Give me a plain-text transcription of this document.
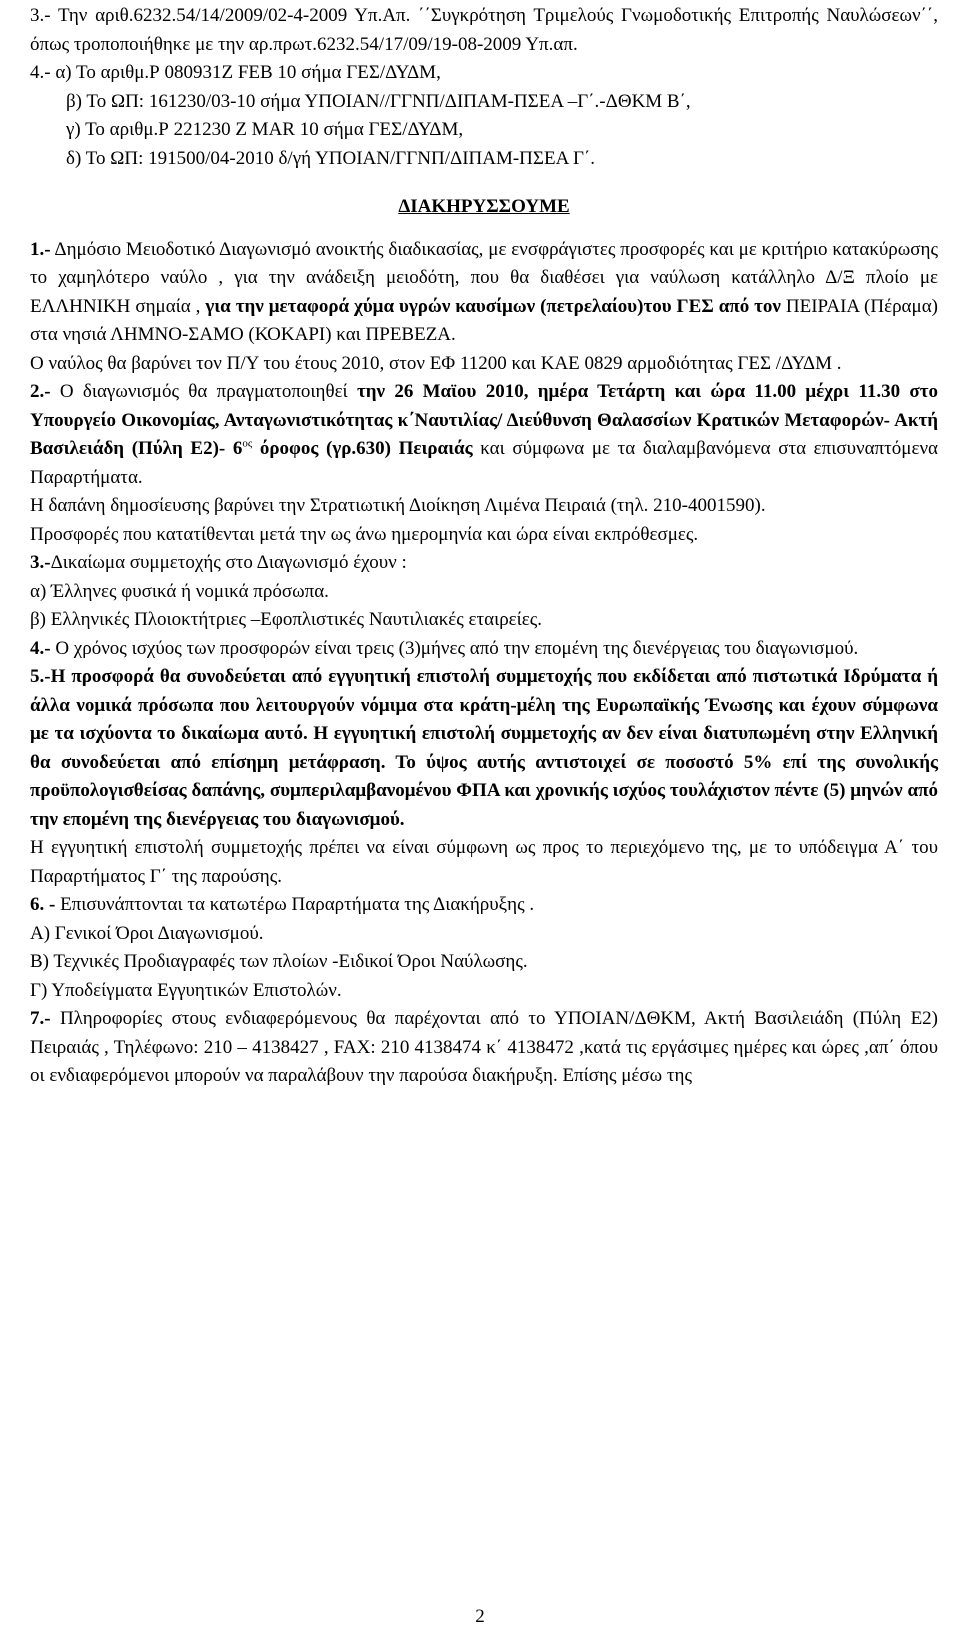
3.- Την αριθ.6232.54/14/2009/02-4-2009 Υπ.Απ. ΄΄Συγκρότηση Τριμελούς Γνωμοδοτικής Επιτροπής Ναυλώσεων΄΄, όπως τροποποιήθηκε με την αρ.πρωτ.6232.54/17/09/19-08-2009 Υπ.απ.

4.- α) Το αριθμ.Ρ 080931Ζ FEB 10 σήμα ΓΕΣ/ΔΥΔΜ,

β) Το ΩΠ: 161230/03-10 σήμα ΥΠΟΙΑΝ//ΓΓΝΠ/ΔΙΠΑΜ-ΠΣΕΑ –Γ΄.-ΔΘΚΜ Β΄,

γ) Το αριθμ.Ρ 221230 Ζ MAR 10 σήμα ΓΕΣ/ΔΥΔΜ,

δ) Το ΩΠ: 191500/04-2010 δ/γή ΥΠΟΙΑΝ/ΓΓΝΠ/ΔΙΠΑΜ-ΠΣΕΑ Γ΄.

ΔΙΑΚΗΡΥΣΣΟΥΜΕ

1.- Δημόσιο Μειοδοτικό Διαγωνισμό ανοικτής διαδικασίας, με ενσφράγιστες προσφορές και με κριτήριο κατακύρωσης το χαμηλότερο ναύλο , για την ανάδειξη μειοδότη, που θα διαθέσει για ναύλωση κατάλληλο Δ/Ξ πλοίο με ΕΛΛΗΝΙΚΗ σημαία , για την μεταφορά χύμα υγρών καυσίμων (πετρελαίου)του ΓΕΣ από τον ΠΕΙΡΑΙΑ (Πέραμα) στα νησιά ΛΗΜΝΟ-ΣΑΜΟ (ΚΟΚΑΡΙ) και ΠΡΕΒΕΖΑ.

Ο ναύλος θα βαρύνει τον Π/Υ του έτους 2010, στον ΕΦ 11200 και ΚΑΕ 0829 αρμοδιότητας ΓΕΣ /ΔΥΔΜ .

2.- Ο διαγωνισμός θα πραγματοποιηθεί την 26 Μαϊου 2010, ημέρα Τετάρτη και ώρα 11.00 μέχρι 11.30 στο Υπουργείο Οικονομίας, Ανταγωνιστικότητας κ΄Ναυτιλίας/ Διεύθυνση Θαλασσίων Κρατικών Μεταφορών- Ακτή Βασιλειάδη (Πύλη Ε2)- $6^{o\varsigma}$ όροφος (γρ.630) Πειραιάς και σύμφωνα με τα διαλαμβανόμενα στα επισυναπτόμενα Παραρτήματα.

Η δαπάνη δημοσίευσης βαρύνει την Στρατιωτική Διοίκηση Λιμένα Πειραιά (τηλ. 210-4001590).

Προσφορές που κατατίθενται μετά την ως άνω ημερομηνία και ώρα είναι εκπρόθεσμες.

3.-Δικαίωμα συμμετοχής στο Διαγωνισμό έχουν :

α) Έλληνες φυσικά ή νομικά πρόσωπα.

β) Ελληνικές Πλοιοκτήτριες –Εφοπλιστικές Ναυτιλιακές εταιρείες.

4.- Ο χρόνος ισχύος των προσφορών είναι τρεις (3)μήνες από την επομένη της διενέργειας του διαγωνισμού.

5.-Η προσφορά θα συνοδεύεται από εγγυητική επιστολή συμμετοχής που εκδίδεται από πιστωτικά Ιδρύματα ή άλλα νομικά πρόσωπα που λειτουργούν νόμιμα στα κράτη-μέλη της Ευρωπαϊκής Ένωσης και έχουν σύμφωνα με τα ισχύοντα το δικαίωμα αυτό. Η εγγυητική επιστολή συμμετοχής αν δεν είναι διατυπωμένη στην Ελληνική θα συνοδεύεται από επίσημη μετάφραση. Το ύψος αυτής αντιστοιχεί σε ποσοστό 5% επί της συνολικής προϋπολογισθείσας δαπάνης, συμπεριλαμβανομένου ΦΠΑ και χρονικής ισχύος τουλάχιστον πέντε (5) μηνών από την επομένη της διενέργειας του διαγωνισμού.

Η εγγυητική επιστολή συμμετοχής πρέπει να είναι σύμφωνη ως προς το περιεχόμενο της, με το υπόδειγμα Α΄ του Παραρτήματος Γ΄ της παρούσης.

6. - Επισυνάπτονται τα κατωτέρω Παραρτήματα της Διακήρυξης .

Α) Γενικοί Όροι Διαγωνισμού.

Β) Τεχνικές Προδιαγραφές των πλοίων -Ειδικοί Όροι Ναύλωσης.

Γ) Υποδείγματα Εγγυητικών Επιστολών.

7.- Πληροφορίες στους ενδιαφερόμενους θα παρέχονται από το ΥΠΟΙΑΝ/ΔΘΚΜ, Ακτή Βασιλειάδη (Πύλη Ε2) Πειραιάς , Τηλέφωνο: 210 – 4138427 , FAX: 210 4138474 κ΄ 4138472 ,κατά τις εργάσιμες ημέρες και ώρες ,απ΄ όπου οι ενδιαφερόμενοι μπορούν να παραλάβουν την παρούσα διακήρυξη. Επίσης μέσω της

2
